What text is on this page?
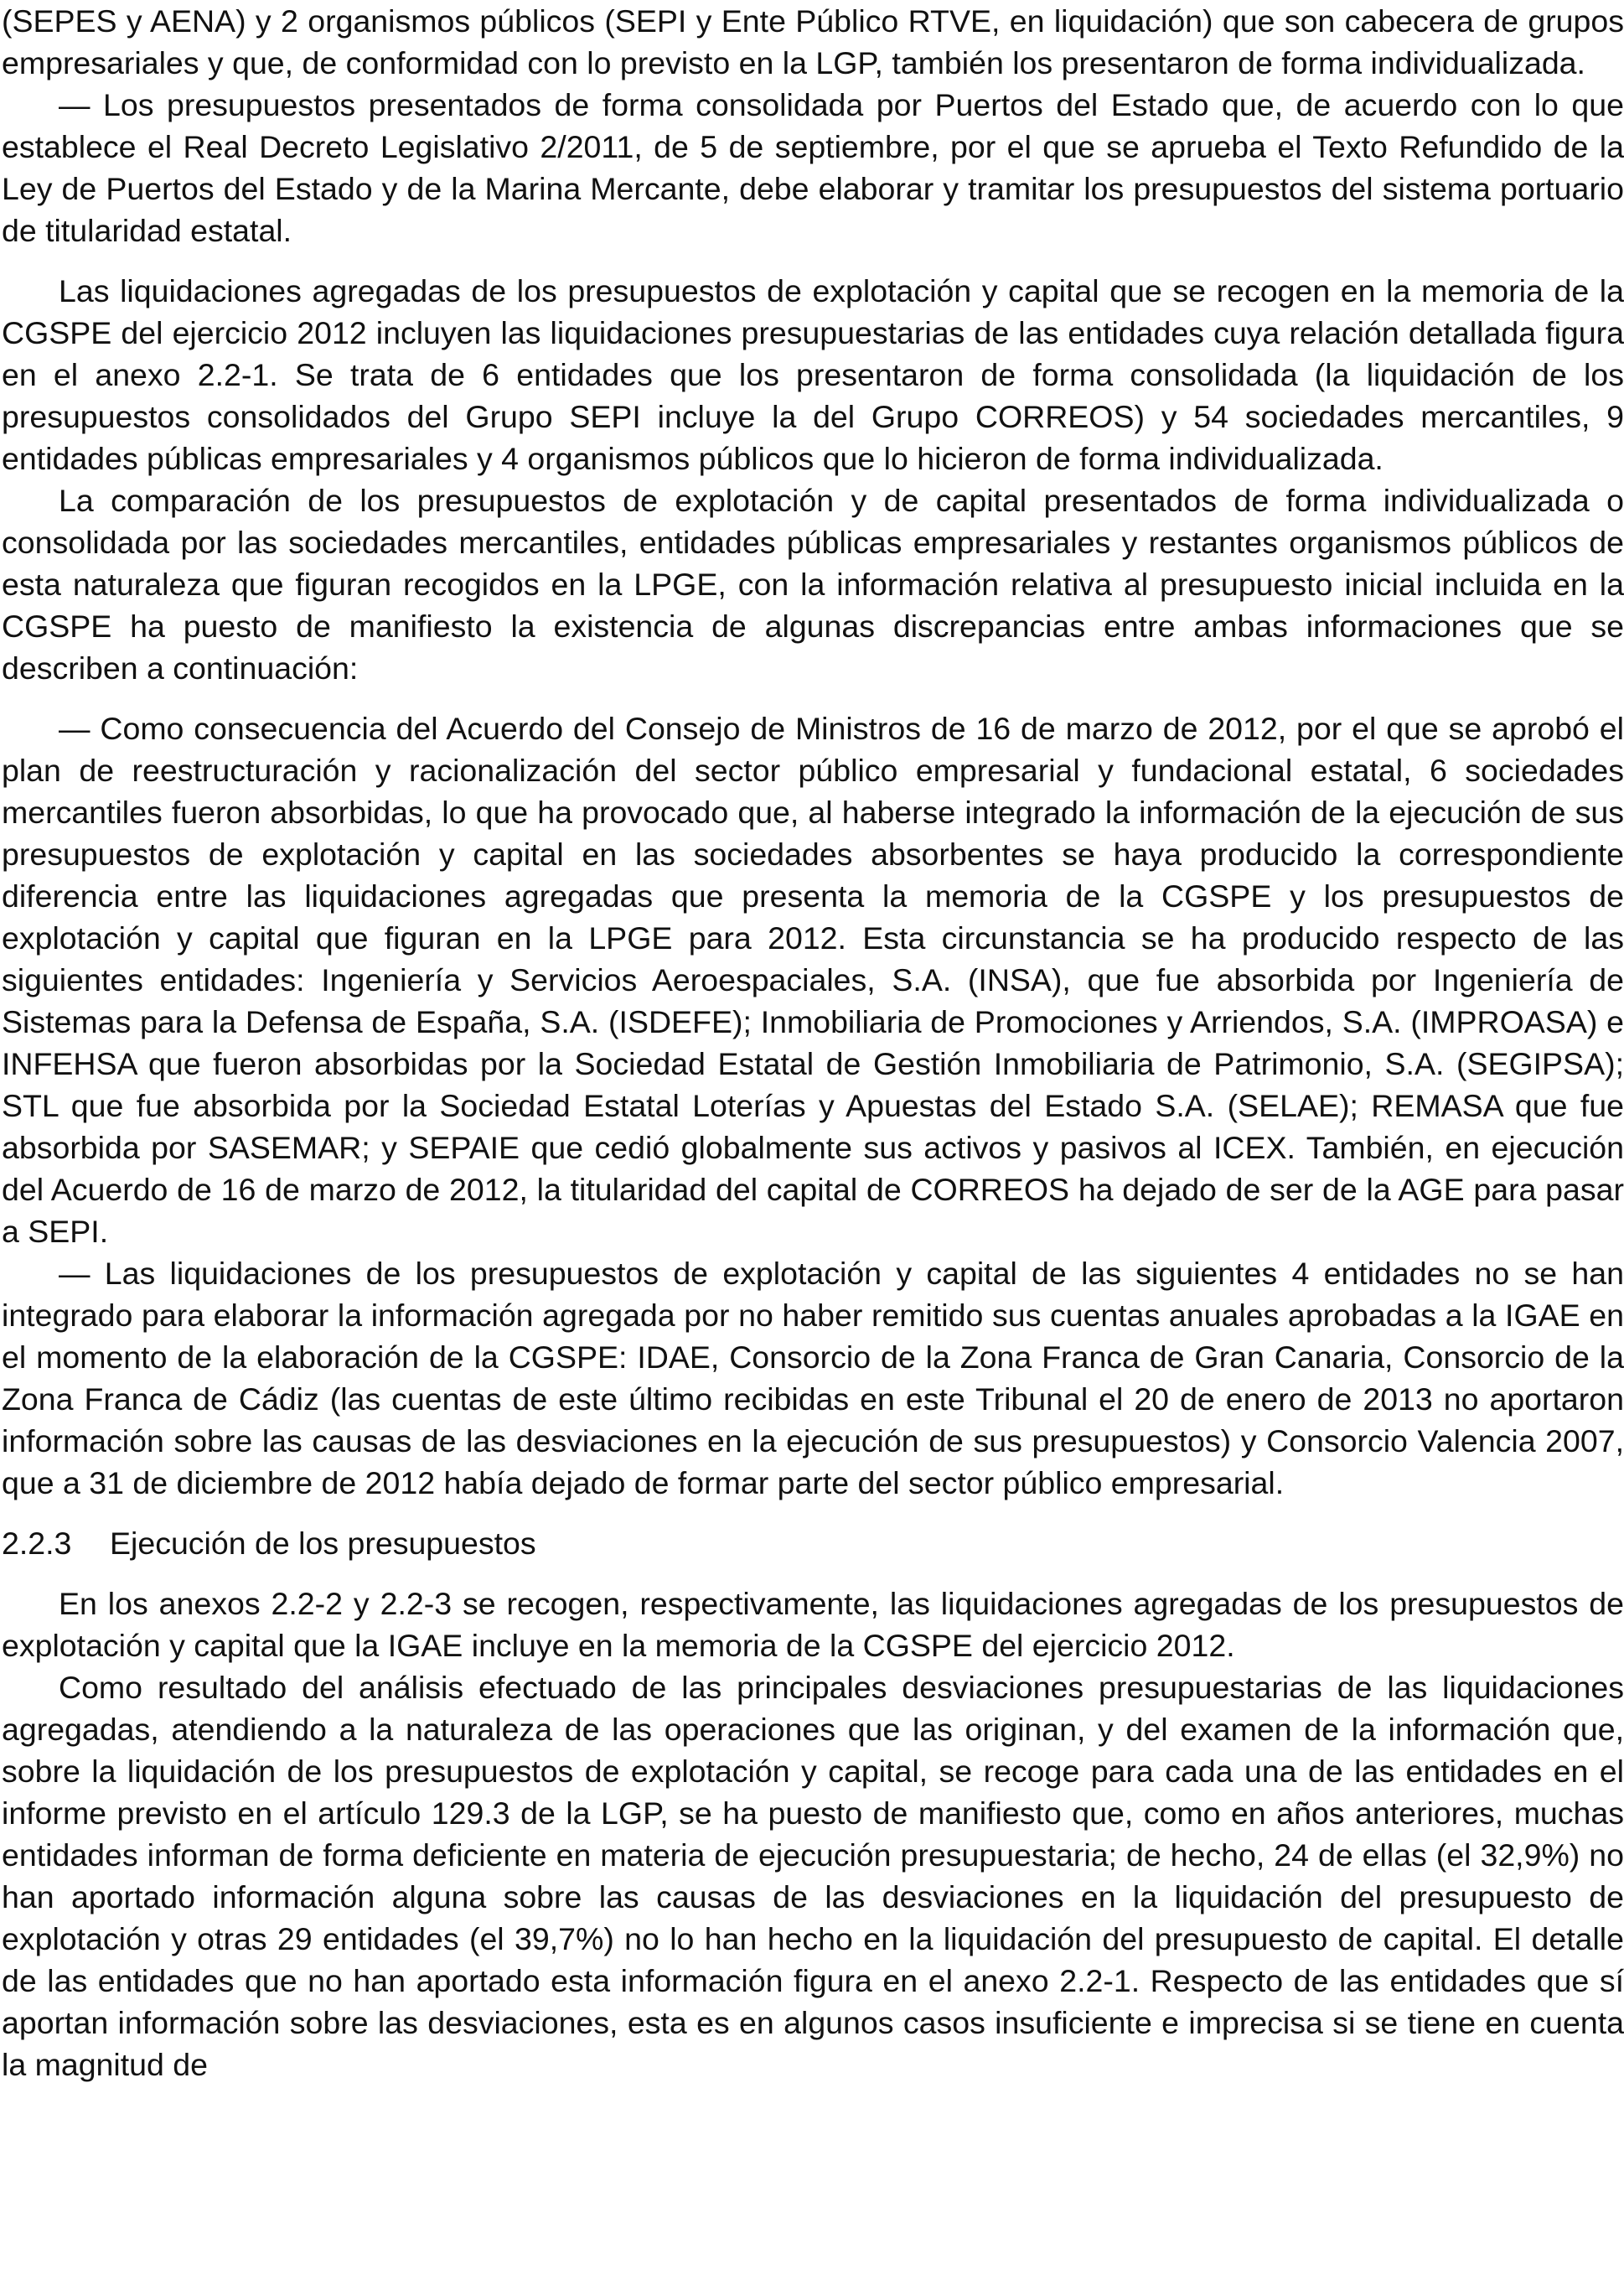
(SEPES y AENA) y 2 organismos públicos (SEPI y Ente Público RTVE, en liquidación) que son cabecera de grupos empresariales y que, de conformidad con lo previsto en la LGP, también los presentaron de forma individualizada.

— Los presupuestos presentados de forma consolidada por Puertos del Estado que, de acuerdo con lo que establece el Real Decreto Legislativo 2/2011, de 5 de septiembre, por el que se aprueba el Texto Refundido de la Ley de Puertos del Estado y de la Marina Mercante, debe elaborar y tramitar los presupuestos del sistema portuario de titularidad estatal.

Las liquidaciones agregadas de los presupuestos de explotación y capital que se recogen en la memoria de la CGSPE del ejercicio 2012 incluyen las liquidaciones presupuestarias de las entidades cuya relación detallada figura en el anexo 2.2-1. Se trata de 6 entidades que los presentaron de forma consolidada (la liquidación de los presupuestos consolidados del Grupo SEPI incluye la del Grupo CORREOS) y 54 sociedades mercantiles, 9 entidades públicas empresariales y 4 organismos públicos que lo hicieron de forma individualizada.

La comparación de los presupuestos de explotación y de capital presentados de forma individualizada o consolidada por las sociedades mercantiles, entidades públicas empresariales y restantes organismos públicos de esta naturaleza que figuran recogidos en la LPGE, con la información relativa al presupuesto inicial incluida en la CGSPE ha puesto de manifiesto la existencia de algunas discrepancias entre ambas informaciones que se describen a continuación:

— Como consecuencia del Acuerdo del Consejo de Ministros de 16 de marzo de 2012, por el que se aprobó el plan de reestructuración y racionalización del sector público empresarial y fundacional estatal, 6 sociedades mercantiles fueron absorbidas, lo que ha provocado que, al haberse integrado la información de la ejecución de sus presupuestos de explotación y capital en las sociedades absorbentes se haya producido la correspondiente diferencia entre las liquidaciones agregadas que presenta la memoria de la CGSPE y los presupuestos de explotación y capital que figuran en la LPGE para 2012. Esta circunstancia se ha producido respecto de las siguientes entidades: Ingeniería y Servicios Aeroespaciales, S.A. (INSA), que fue absorbida por Ingeniería de Sistemas para la Defensa de España, S.A. (ISDEFE); Inmobiliaria de Promociones y Arriendos, S.A. (IMPROASA) e INFEHSA que fueron absorbidas por la Sociedad Estatal de Gestión Inmobiliaria de Patrimonio, S.A. (SEGIPSA); STL que fue absorbida por la Sociedad Estatal Loterías y Apuestas del Estado S.A. (SELAE); REMASA que fue absorbida por SASEMAR; y SEPAIE que cedió globalmente sus activos y pasivos al ICEX. También, en ejecución del Acuerdo de 16 de marzo de 2012, la titularidad del capital de CORREOS ha dejado de ser de la AGE para pasar a SEPI.

— Las liquidaciones de los presupuestos de explotación y capital de las siguientes 4 entidades no se han integrado para elaborar la información agregada por no haber remitido sus cuentas anuales aprobadas a la IGAE en el momento de la elaboración de la CGSPE: IDAE, Consorcio de la Zona Franca de Gran Canaria, Consorcio de la Zona Franca de Cádiz (las cuentas de este último recibidas en este Tribunal el 20 de enero de 2013 no aportaron información sobre las causas de las desviaciones en la ejecución de sus presupuestos) y Consorcio Valencia 2007, que a 31 de diciembre de 2012 había dejado de formar parte del sector público empresarial.

2.2.3 Ejecución de los presupuestos

En los anexos 2.2-2 y 2.2-3 se recogen, respectivamente, las liquidaciones agregadas de los presupuestos de explotación y capital que la IGAE incluye en la memoria de la CGSPE del ejercicio 2012.

Como resultado del análisis efectuado de las principales desviaciones presupuestarias de las liquidaciones agregadas, atendiendo a la naturaleza de las operaciones que las originan, y del examen de la información que, sobre la liquidación de los presupuestos de explotación y capital, se recoge para cada una de las entidades en el informe previsto en el artículo 129.3 de la LGP, se ha puesto de manifiesto que, como en años anteriores, muchas entidades informan de forma deficiente en materia de ejecución presupuestaria; de hecho, 24 de ellas (el 32,9%) no han aportado información alguna sobre las causas de las desviaciones en la liquidación del presupuesto de explotación y otras 29 entidades (el 39,7%) no lo han hecho en la liquidación del presupuesto de capital. El detalle de las entidades que no han aportado esta información figura en el anexo 2.2-1. Respecto de las entidades que sí aportan información sobre las desviaciones, esta es en algunos casos insuficiente e imprecisa si se tiene en cuenta la magnitud de
